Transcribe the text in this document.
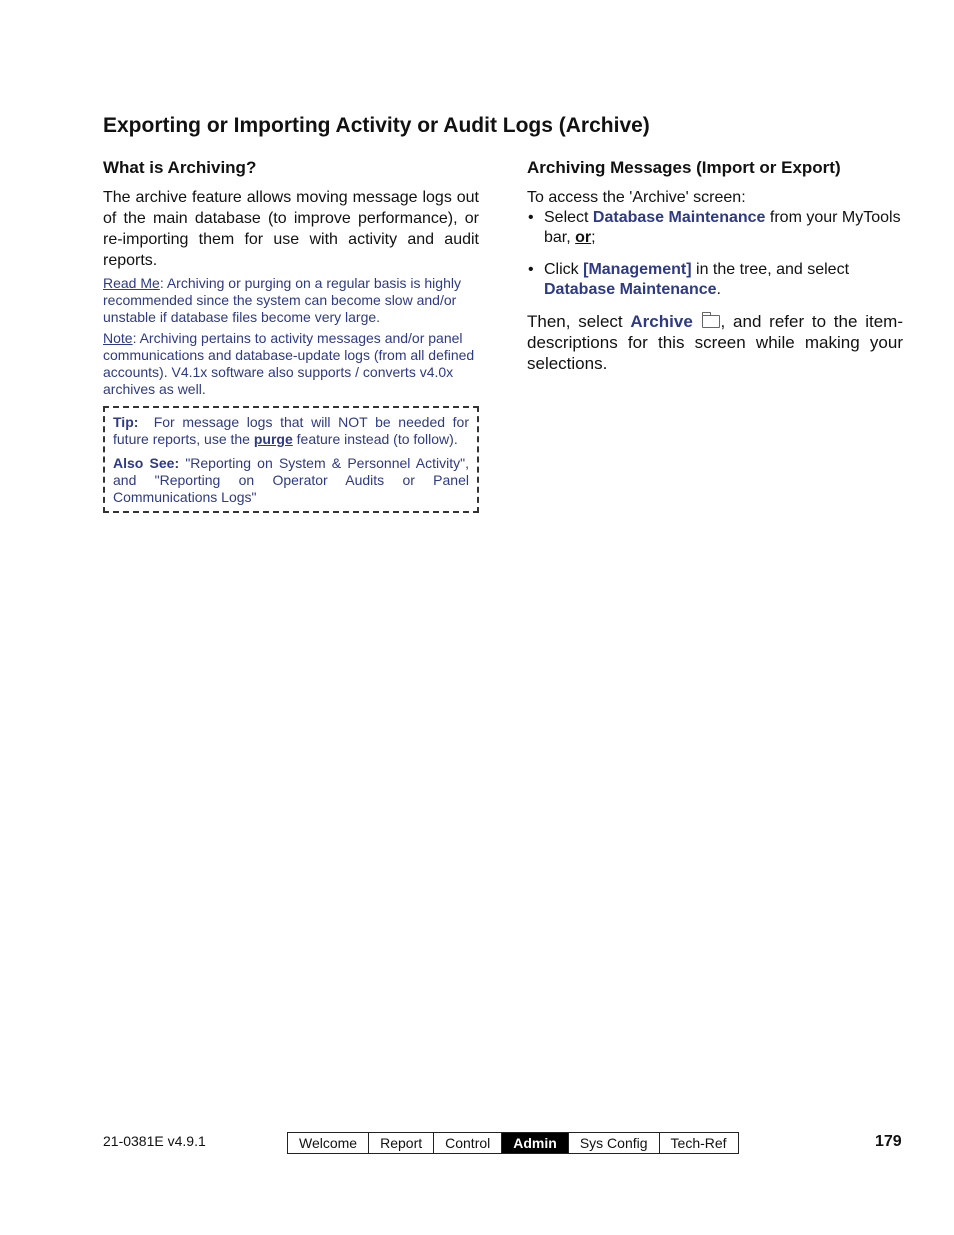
Exporting or Importing Activity or Audit Logs (Archive)
What is Archiving?

The archive feature allows moving message logs out of the main database (to improve performance), or re-importing them for use with activity and audit reports.

Read Me: Archiving or purging on a regular basis is highly recommended since the system can become slow and/or unstable if database files become very large.

Note: Archiving pertains to activity messages and/or panel communications and database-update logs (from all defined accounts). V4.1x software also supports / converts v4.0x archives as well.

Tip: For message logs that will NOT be needed for future reports, use the purge feature instead (to follow).

Also See: "Reporting on System & Personnel Activity", and "Reporting on Operator Audits or Panel Communications Logs"

Archiving Messages (Import or Export)

To access the 'Archive' screen:

• Select Database Maintenance from your MyTools bar, or;
• Click [Management] in the tree, and select Database Maintenance.

Then, select Archive , and refer to the item-descriptions for this screen while making your selections.

21-0381E v4.9.1	Welcome	Report	Control	Admin	Sys Config	Tech-Ref	179
